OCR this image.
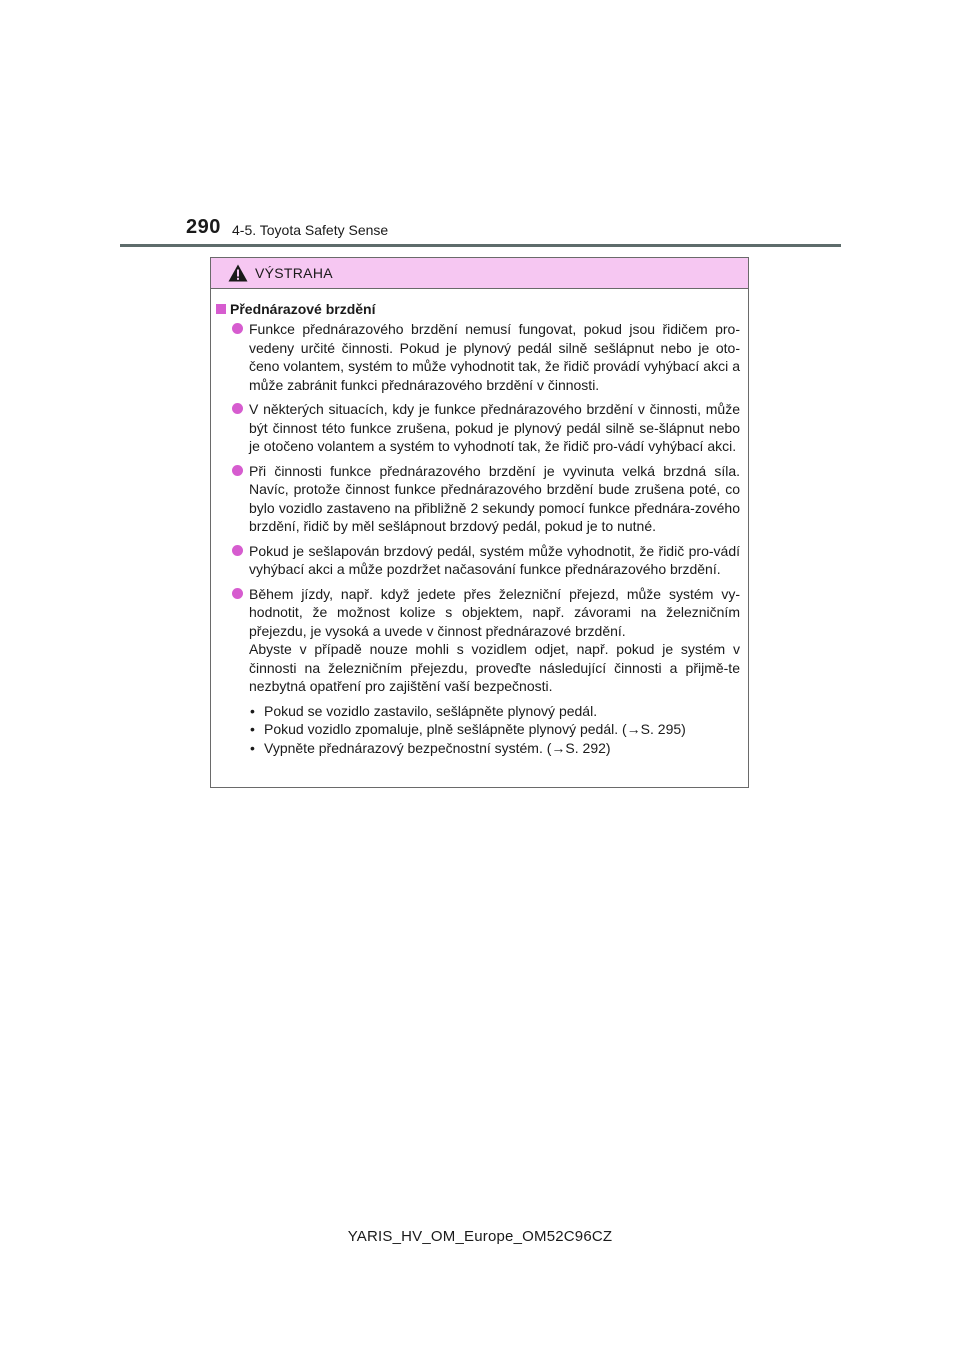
290 4-5. Toyota Safety Sense
VÝSTRAHA
Přednárazové brzdění
Funkce přednárazového brzdění nemusí fungovat, pokud jsou řidičem pro-vedeny určité činnosti. Pokud je plynový pedál silně sešlápnut nebo je oto-čeno volantem, systém to může vyhodnotit tak, že řidič provádí vyhýbací akci a může zabránit funkci přednárazového brzdění v činnosti.
V některých situacích, kdy je funkce přednárazového brzdění v činnosti, může být činnost této funkce zrušena, pokud je plynový pedál silně se-šlápnut nebo je otočeno volantem a systém to vyhodnotí tak, že řidič pro-vádí vyhýbací akci.
Při činnosti funkce přednárazového brzdění je vyvinuta velká brzdná síla. Navíc, protože činnost funkce přednárazového brzdění bude zrušena poté, co bylo vozidlo zastaveno na přibližně 2 sekundy pomocí funkce přednára-zového brzdění, řidič by měl sešlápnout brzdový pedál, pokud je to nutné.
Pokud je sešlapován brzdový pedál, systém může vyhodnotit, že řidič pro-vádí vyhýbací akci a může pozdržet načasování funkce přednárazového brzdění.

Během jízdy, např. když jedete přes železniční přejezd, může systém vy-hodnotit, že možnost kolize s objektem, např. závorami na železničním přejezdu, je vysoká a uvede v činnost přednárazové brzdění.

Abyste v případě nouze mohli s vozidlem odjet, např. pokud je systém v činnosti na železničním přejezdu, proveďte následující činnosti a přijmě-te nezbytná opatření pro zajištění vaší bezpečnosti.

• Pokud se vozidlo zastavilo, sešlápněte plynový pedál.
• Pokud vozidlo zpomaluje, plně sešlápněte plynový pedál. (→S. 295)
• Vypněte přednárazový bezpečnostní systém. (→S. 292)
YARIS_HV_OM_Europe_OM52C96CZ
